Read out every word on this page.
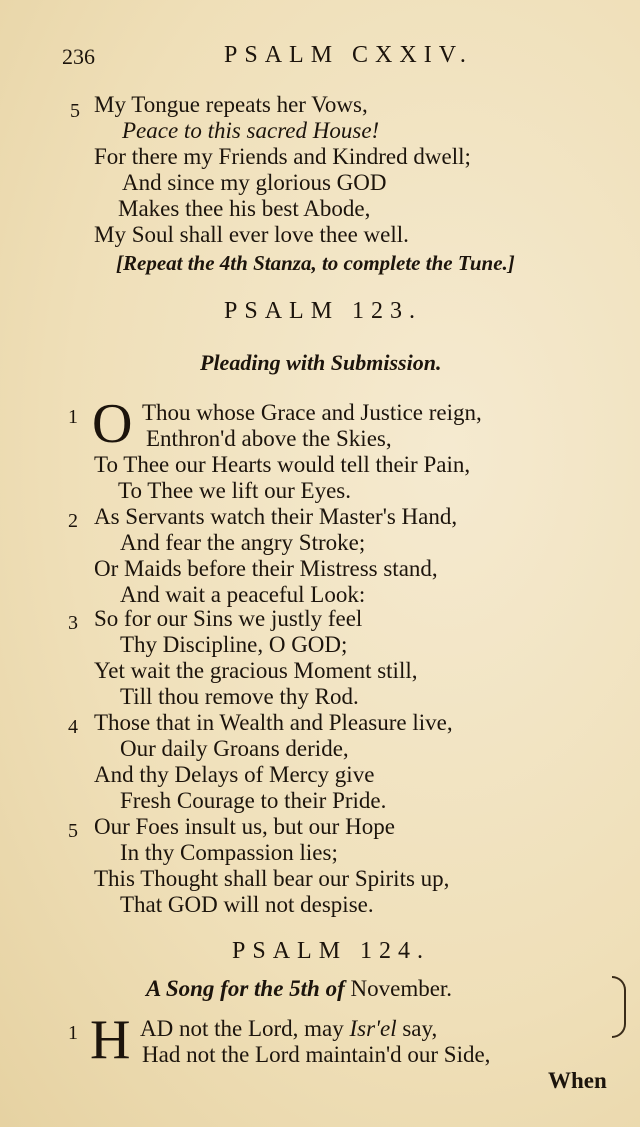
236	PSALM CXXIV.
5 My Tongue repeats her Vows,
Peace to this sacred House!
For there my Friends and Kindred dwell;
And since my glorious GOD
Makes thee his best Abode,
My Soul shall ever love thee well.
[Repeat the 4th Stanza, to complete the Tune.]
PSALM 123.
Pleading with Submission.
1 O Thou whose Grace and Justice reign,
Enthron'd above the Skies,
To Thee our Hearts would tell their Pain,
To Thee we lift our Eyes.
2 As Servants watch their Master's Hand,
And fear the angry Stroke;
Or Maids before their Mistress stand,
And wait a peaceful Look:
3 So for our Sins we justly feel
Thy Discipline, O GOD;
Yet wait the gracious Moment still,
Till thou remove thy Rod.
4 Those that in Wealth and Pleasure live,
Our daily Groans deride,
And thy Delays of Mercy give
Fresh Courage to their Pride.
5 Our Foes insult us, but our Hope
In thy Compassion lies;
This Thought shall bear our Spirits up,
That GOD will not despise.
PSALM 124.
A Song for the 5th of November.
1 H AD not the Lord, may Isr'el say,
Had not the Lord maintain'd our Side,
When
